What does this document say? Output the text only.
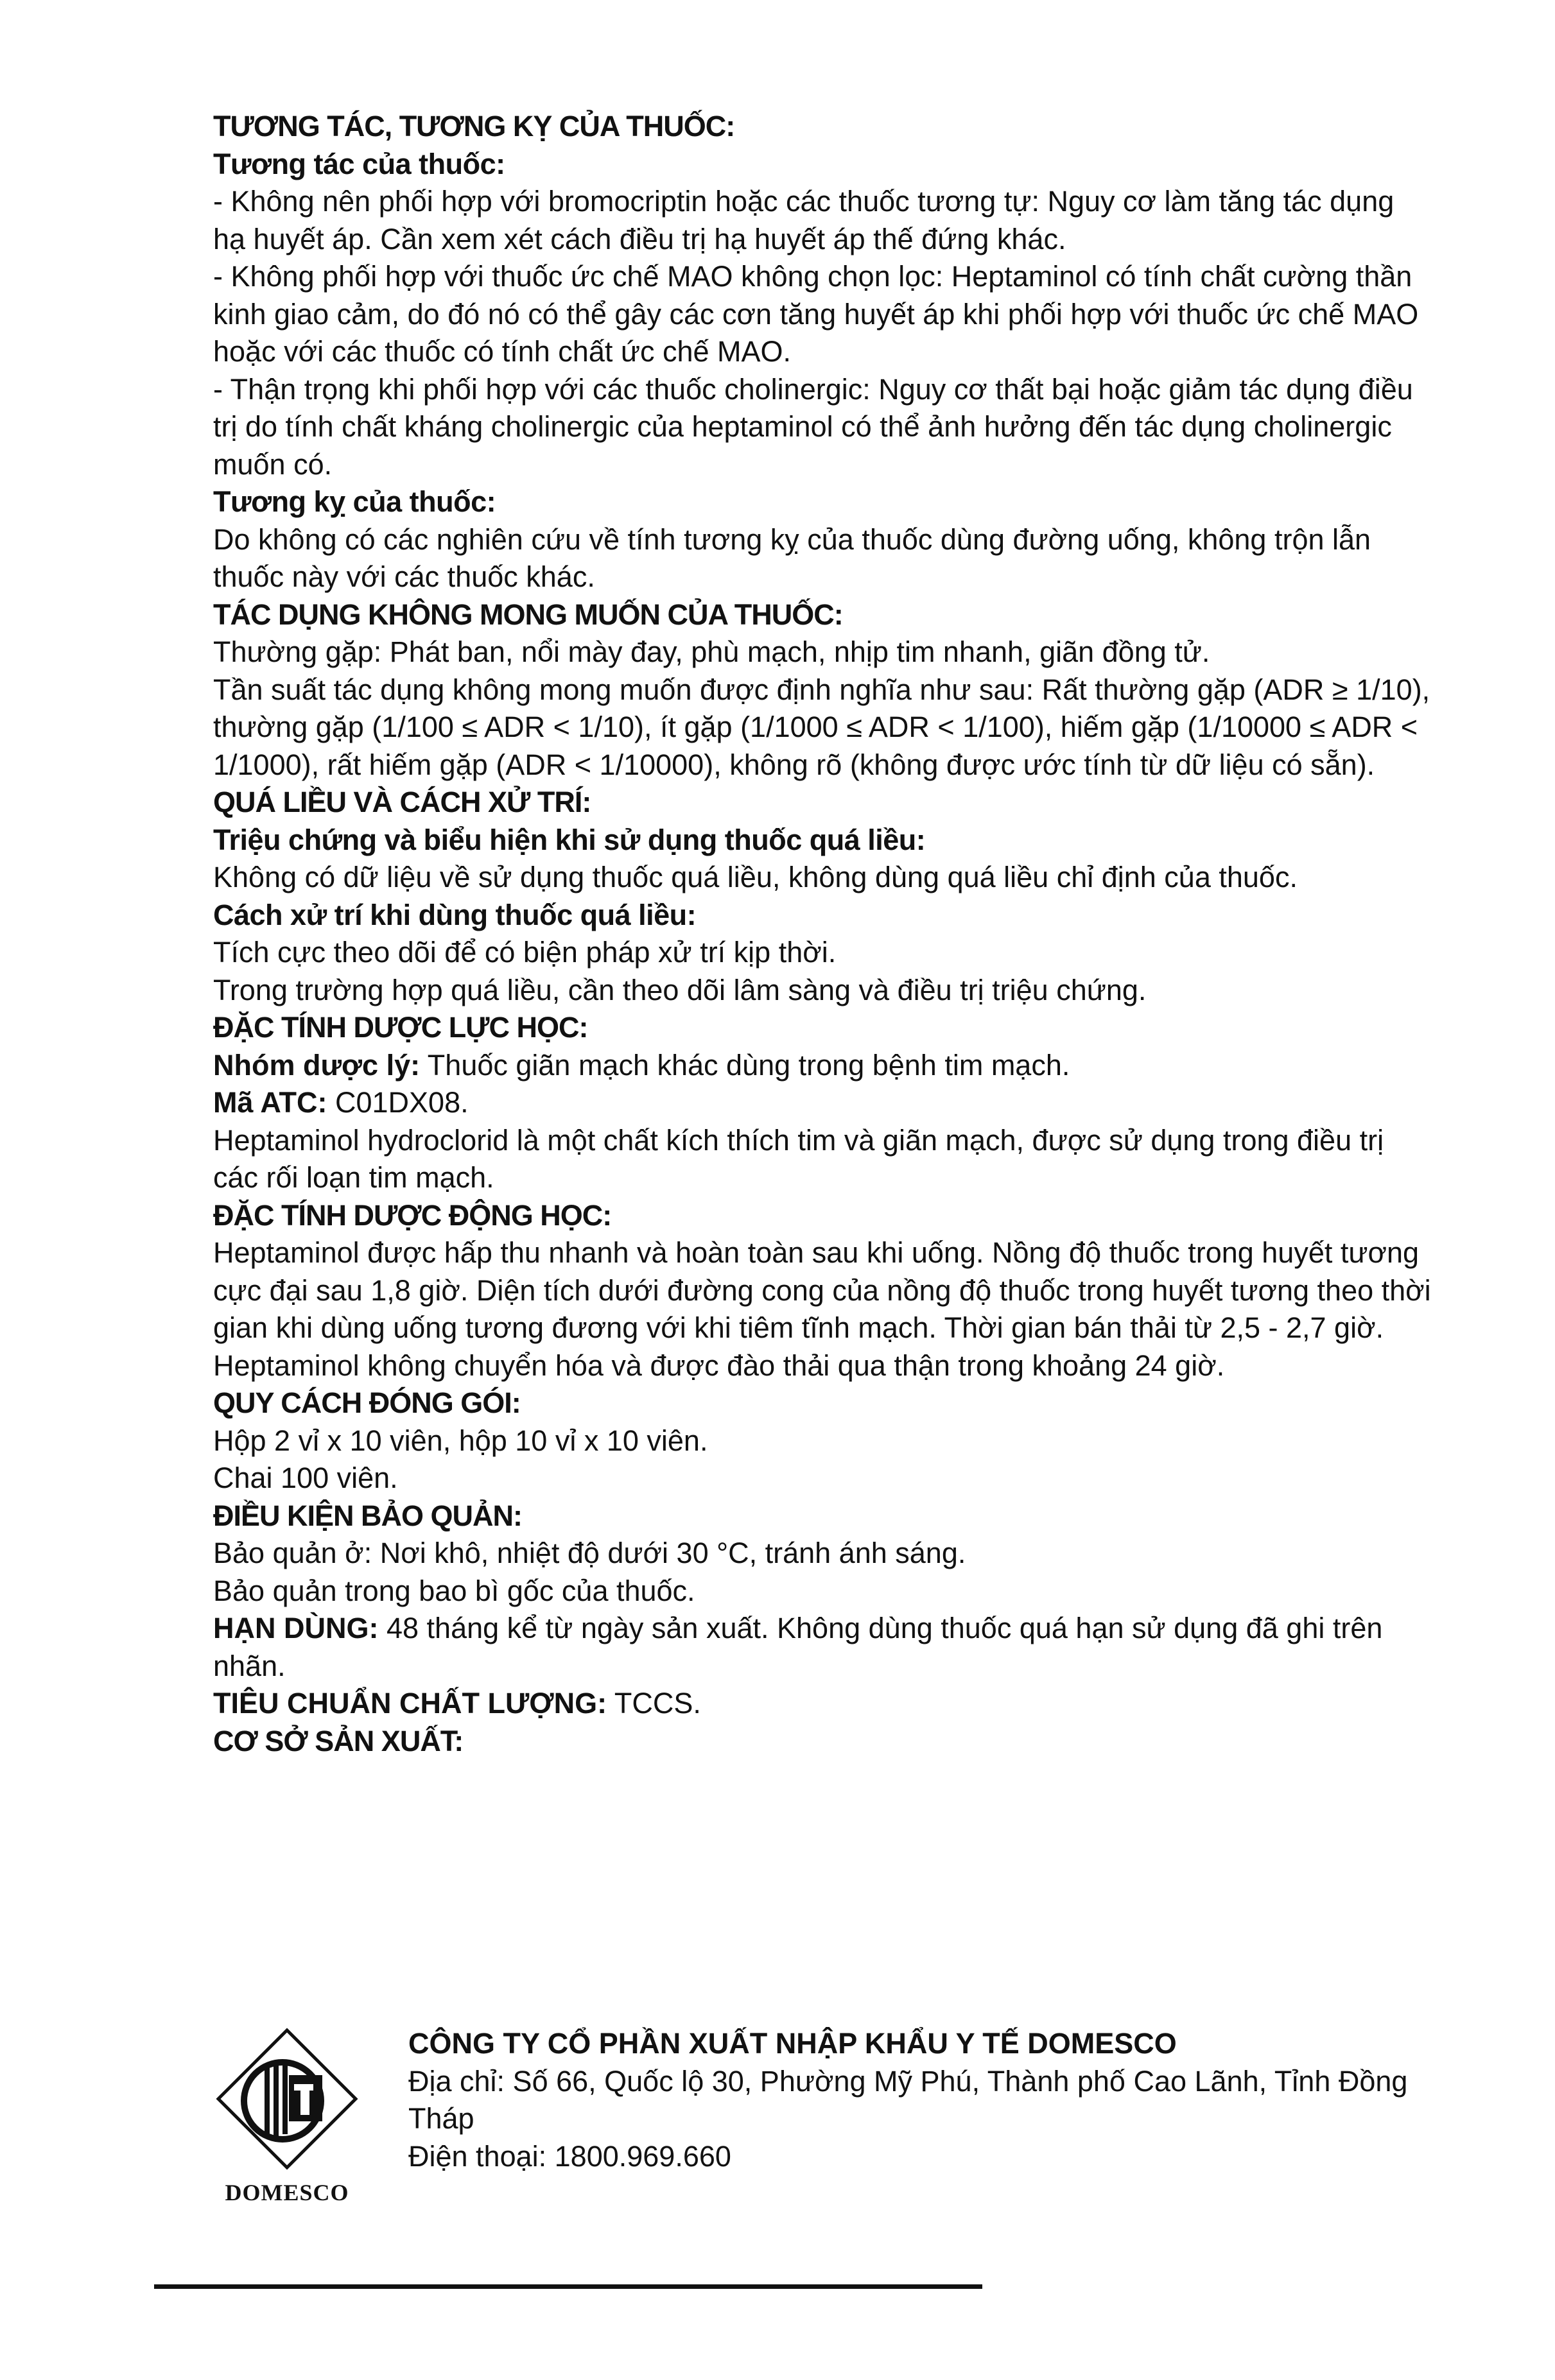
TƯƠNG TÁC, TƯƠNG KỴ CỦA THUỐC:
Tương tác của thuốc:
- Không nên phối hợp với bromocriptin hoặc các thuốc tương tự: Nguy cơ làm tăng tác dụng hạ huyết áp. Cần xem xét cách điều trị hạ huyết áp thế đứng khác.
- Không phối hợp với thuốc ức chế MAO không chọn lọc: Heptaminol có tính chất cường thần kinh giao cảm, do đó nó có thể gây các cơn tăng huyết áp khi phối hợp với thuốc ức chế MAO hoặc với các thuốc có tính chất ức chế MAO.
- Thận trọng khi phối hợp với các thuốc cholinergic: Nguy cơ thất bại hoặc giảm tác dụng điều trị do tính chất kháng cholinergic của heptaminol có thể ảnh hưởng đến tác dụng cholinergic muốn có.
Tương kỵ của thuốc:
Do không có các nghiên cứu về tính tương kỵ của thuốc dùng đường uống, không trộn lẫn thuốc này với các thuốc khác.
TÁC DỤNG KHÔNG MONG MUỐN CỦA THUỐC:
Thường gặp: Phát ban, nổi mày đay, phù mạch, nhịp tim nhanh, giãn đồng tử.
Tần suất tác dụng không mong muốn được định nghĩa như sau: Rất thường gặp (ADR ≥ 1/10), thường gặp (1/100 ≤ ADR < 1/10), ít gặp (1/1000 ≤ ADR < 1/100), hiếm gặp (1/10000 ≤ ADR < 1/1000), rất hiếm gặp (ADR < 1/10000), không rõ (không được ước tính từ dữ liệu có sẵn).
QUÁ LIỀU VÀ CÁCH XỬ TRÍ:
Triệu chứng và biểu hiện khi sử dụng thuốc quá liều:
Không có dữ liệu về sử dụng thuốc quá liều, không dùng quá liều chỉ định của thuốc.
Cách xử trí khi dùng thuốc quá liều:
Tích cực theo dõi để có biện pháp xử trí kịp thời.
Trong trường hợp quá liều, cần theo dõi lâm sàng và điều trị triệu chứng.
ĐẶC TÍNH DƯỢC LỰC HỌC:
Nhóm dược lý: Thuốc giãn mạch khác dùng trong bệnh tim mạch.
Mã ATC: C01DX08.
Heptaminol hydroclorid là một chất kích thích tim và giãn mạch, được sử dụng trong điều trị các rối loạn tim mạch.
ĐẶC TÍNH DƯỢC ĐỘNG HỌC:
Heptaminol được hấp thu nhanh và hoàn toàn sau khi uống. Nồng độ thuốc trong huyết tương cực đại sau 1,8 giờ. Diện tích dưới đường cong của nồng độ thuốc trong huyết tương theo thời gian khi dùng uống tương đương với khi tiêm tĩnh mạch. Thời gian bán thải từ 2,5 - 2,7 giờ. Heptaminol không chuyển hóa và được đào thải qua thận trong khoảng 24 giờ.
QUY CÁCH ĐÓNG GÓI:
Hộp 2 vỉ x 10 viên, hộp 10 vỉ x 10 viên.
Chai 100 viên.
ĐIỀU KIỆN BẢO QUẢN:
Bảo quản ở: Nơi khô, nhiệt độ dưới 30 °C, tránh ánh sáng.
Bảo quản trong bao bì gốc của thuốc.
HẠN DÙNG: 48 tháng kể từ ngày sản xuất. Không dùng thuốc quá hạn sử dụng đã ghi trên nhãn.
TIÊU CHUẨN CHẤT LƯỢNG: TCCS.
CƠ SỞ SẢN XUẤT:
DOMESCO
CÔNG TY CỔ PHẦN XUẤT NHẬP KHẨU Y TẾ DOMESCO
Địa chỉ: Số 66, Quốc lộ 30, Phường Mỹ Phú, Thành phố Cao Lãnh, Tỉnh Đồng Tháp
Điện thoại: 1800.969.660
